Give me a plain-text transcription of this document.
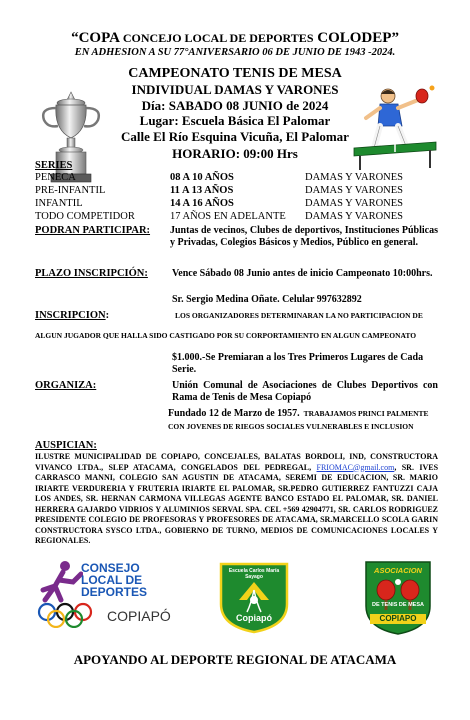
“COPA CONCEJO LOCAL DE DEPORTES COLODEP”
EN ADHESION A SU 77°ANIVERSARIO 06 DE JUNIO DE 1943 -2024.
CAMPEONATO TENIS DE MESA
INDIVIDUAL DAMAS Y VARONES
Día: SABADO 08 JUNIO de 2024
Lugar: Escuela Básica El Palomar
Calle El Río Esquina Vicuña, El Palomar
HORARIO: 09:00 Hrs
SERIES
PENECA	08 A 10 AÑOS	DAMAS Y VARONES
PRE-INFANTIL	11 A 13 AÑOS	DAMAS Y VARONES
INFANTIL	14 A 16 AÑOS	DAMAS Y VARONES
TODO COMPETIDOR	17 AÑOS EN ADELANTE DAMAS Y VARONES
PODRAN PARTICIPAR: Juntas de vecinos, Clubes de deportivos, Instituciones Públicas y Privadas, Colegios Básicos y Medios, Público en general.
PLAZO INSCRIPCIÓN: Vence Sábado 08 Junio antes de inicio Campeonato 10:00hrs.
Sr. Sergio Medina Oñate. Celular 997632892
INSCRIPCION:	LOS ORGANIZADORES DETERMINARAN LA NO PARTICIPACION DE
ALGUN JUGADOR QUE HALLA SIDO CASTIGADO POR SU CORPORTAMIENTO EN ALGUN CAMPEONATO
$1.000.-Se Premiaran a los Tres Primeros Lugares de Cada Serie.
ORGANIZA:	Unión Comunal de Asociaciones de Clubes Deportivos con Rama de Tenis de Mesa Copiapó
Fundado 12 de Marzo de 1957. TRABAJAMOS PRINCI PALMENTE CON JOVENES DE RIEGOS SOCIALES VULNERABLES E INCLUSION
AUSPICIAN:
ILUSTRE MUNICIPALIDAD DE COPIAPO, CONCEJALES, BALATAS BORDOLI, IND, CONSTRUCTORA VIVANCO LTDA., SLEP ATACAMA, CONGELADOS DEL PEDREGAL, FRIOMAC@gmail.com, SR. IVES CARRASCO MANNI, COLEGIO SAN AGUSTIN DE ATACAMA, SEREMI DE EDUCACION, SR. MARIO IRIARTE VERDURERIA Y FRUTERIA IRIARTE EL PALOMAR, SR.PEDRO GUTIERREZ FANTUZZI CAJA LOS ANDES, SR. HERNAN CARMONA VILLEGAS AGENTE BANCO ESTADO EL PALOMAR, SR. DANIEL HERRERA GAJARDO VIDRIOS Y ALUMINIOS SERVAL SPA. CEL +569 42904771, SR. CARLOS RODRIGUEZ PRESIDENTE COLEGIO DE PROFESORAS Y PROFESORES DE ATACAMA, SR.MARCELLO SCOLA GARIN CONSTRUCTORA SYSCO LTDA., GOBIERNO DE TURNO, MEDIOS DE COMUNICACIONES LOCALES Y REGIONALES.
CONSEJO
LOCAL DE
DEPORTES
COPIAPÓ
Escuela Carlos María Sayago
Copiapó
ASOCIACION
DE TENIS DE MESA
COPIAPO
APOYANDO AL DEPORTE REGIONAL DE ATACAMA
